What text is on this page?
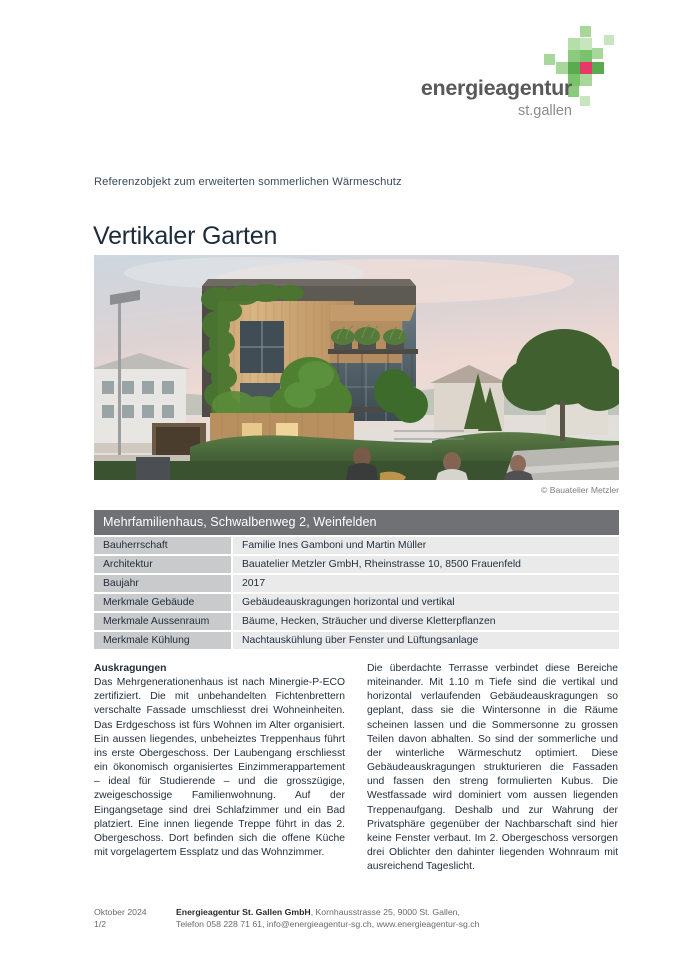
energieagentur
st.gallen
Referenzobjekt zum erweiterten sommerlichen Wärmeschutz
Vertikaler Garten
© Bauatelier Metzler
Mehrfamilienhaus, Schwalbenweg 2, Weinfelden
Bauherrschaft	Familie Ines Gamboni und Martin Müller
Architektur	Bauatelier Metzler GmbH, Rheinstrasse 10, 8500 Frauenfeld
Baujahr	2017
Merkmale Gebäude	Gebäudeauskragungen horizontal und vertikal
Merkmale Aussenraum	Bäume, Hecken, Sträucher und diverse Kletterpflanzen
Merkmale Kühlung	Nachtauskühlung über Fenster und Lüftungsanlage
Auskragungen

Das Mehrgenerationenhaus ist nach Minergie-P-ECO zertifiziert. Die mit unbehandelten Fichtenbrettern verschalte Fassade umschliesst drei Wohneinheiten. Das Erdgeschoss ist fürs Wohnen im Alter organisiert. Ein aussen liegendes, unbeheiztes Treppenhaus führt ins erste Obergeschoss. Der Laubengang erschliesst ein ökonomisch organisiertes Einzimmerappartement – ideal für Studierende – und die grosszügige, zweigeschossige Familienwohnung. Auf der Eingangsetage sind drei Schlafzimmer und ein Bad platziert. Eine innen liegende Treppe führt in das 2. Obergeschoss. Dort befinden sich die offene Küche mit vorgelagertem Essplatz und das Wohnzimmer.

Die überdachte Terrasse verbindet diese Bereiche miteinander. Mit 1.10 m Tiefe sind die vertikal und horizontal verlaufenden Gebäudeauskragungen so geplant, dass sie die Wintersonne in die Räume scheinen lassen und die Sommersonne zu grossen Teilen davon abhalten. So sind der sommerliche und der winterliche Wärmeschutz optimiert. Diese Gebäudeauskragungen strukturieren die Fassaden und fassen den streng formulierten Kubus. Die Westfassade wird dominiert vom aussen liegenden Treppenaufgang. Deshalb und zur Wahrung der Privatsphäre gegenüber der Nachbarschaft sind hier keine Fenster verbaut. Im 2. Obergeschoss versorgen drei Oblichter den dahinter liegenden Wohnraum mit ausreichend Tageslicht.

Oktober 2024
1/2
Energieagentur St. Gallen GmbH, Kornhausstrasse 25, 9000 St. Gallen,
Telefon 058 228 71 61, info@energieagentur-sg.ch, www.energieagentur-sg.ch
